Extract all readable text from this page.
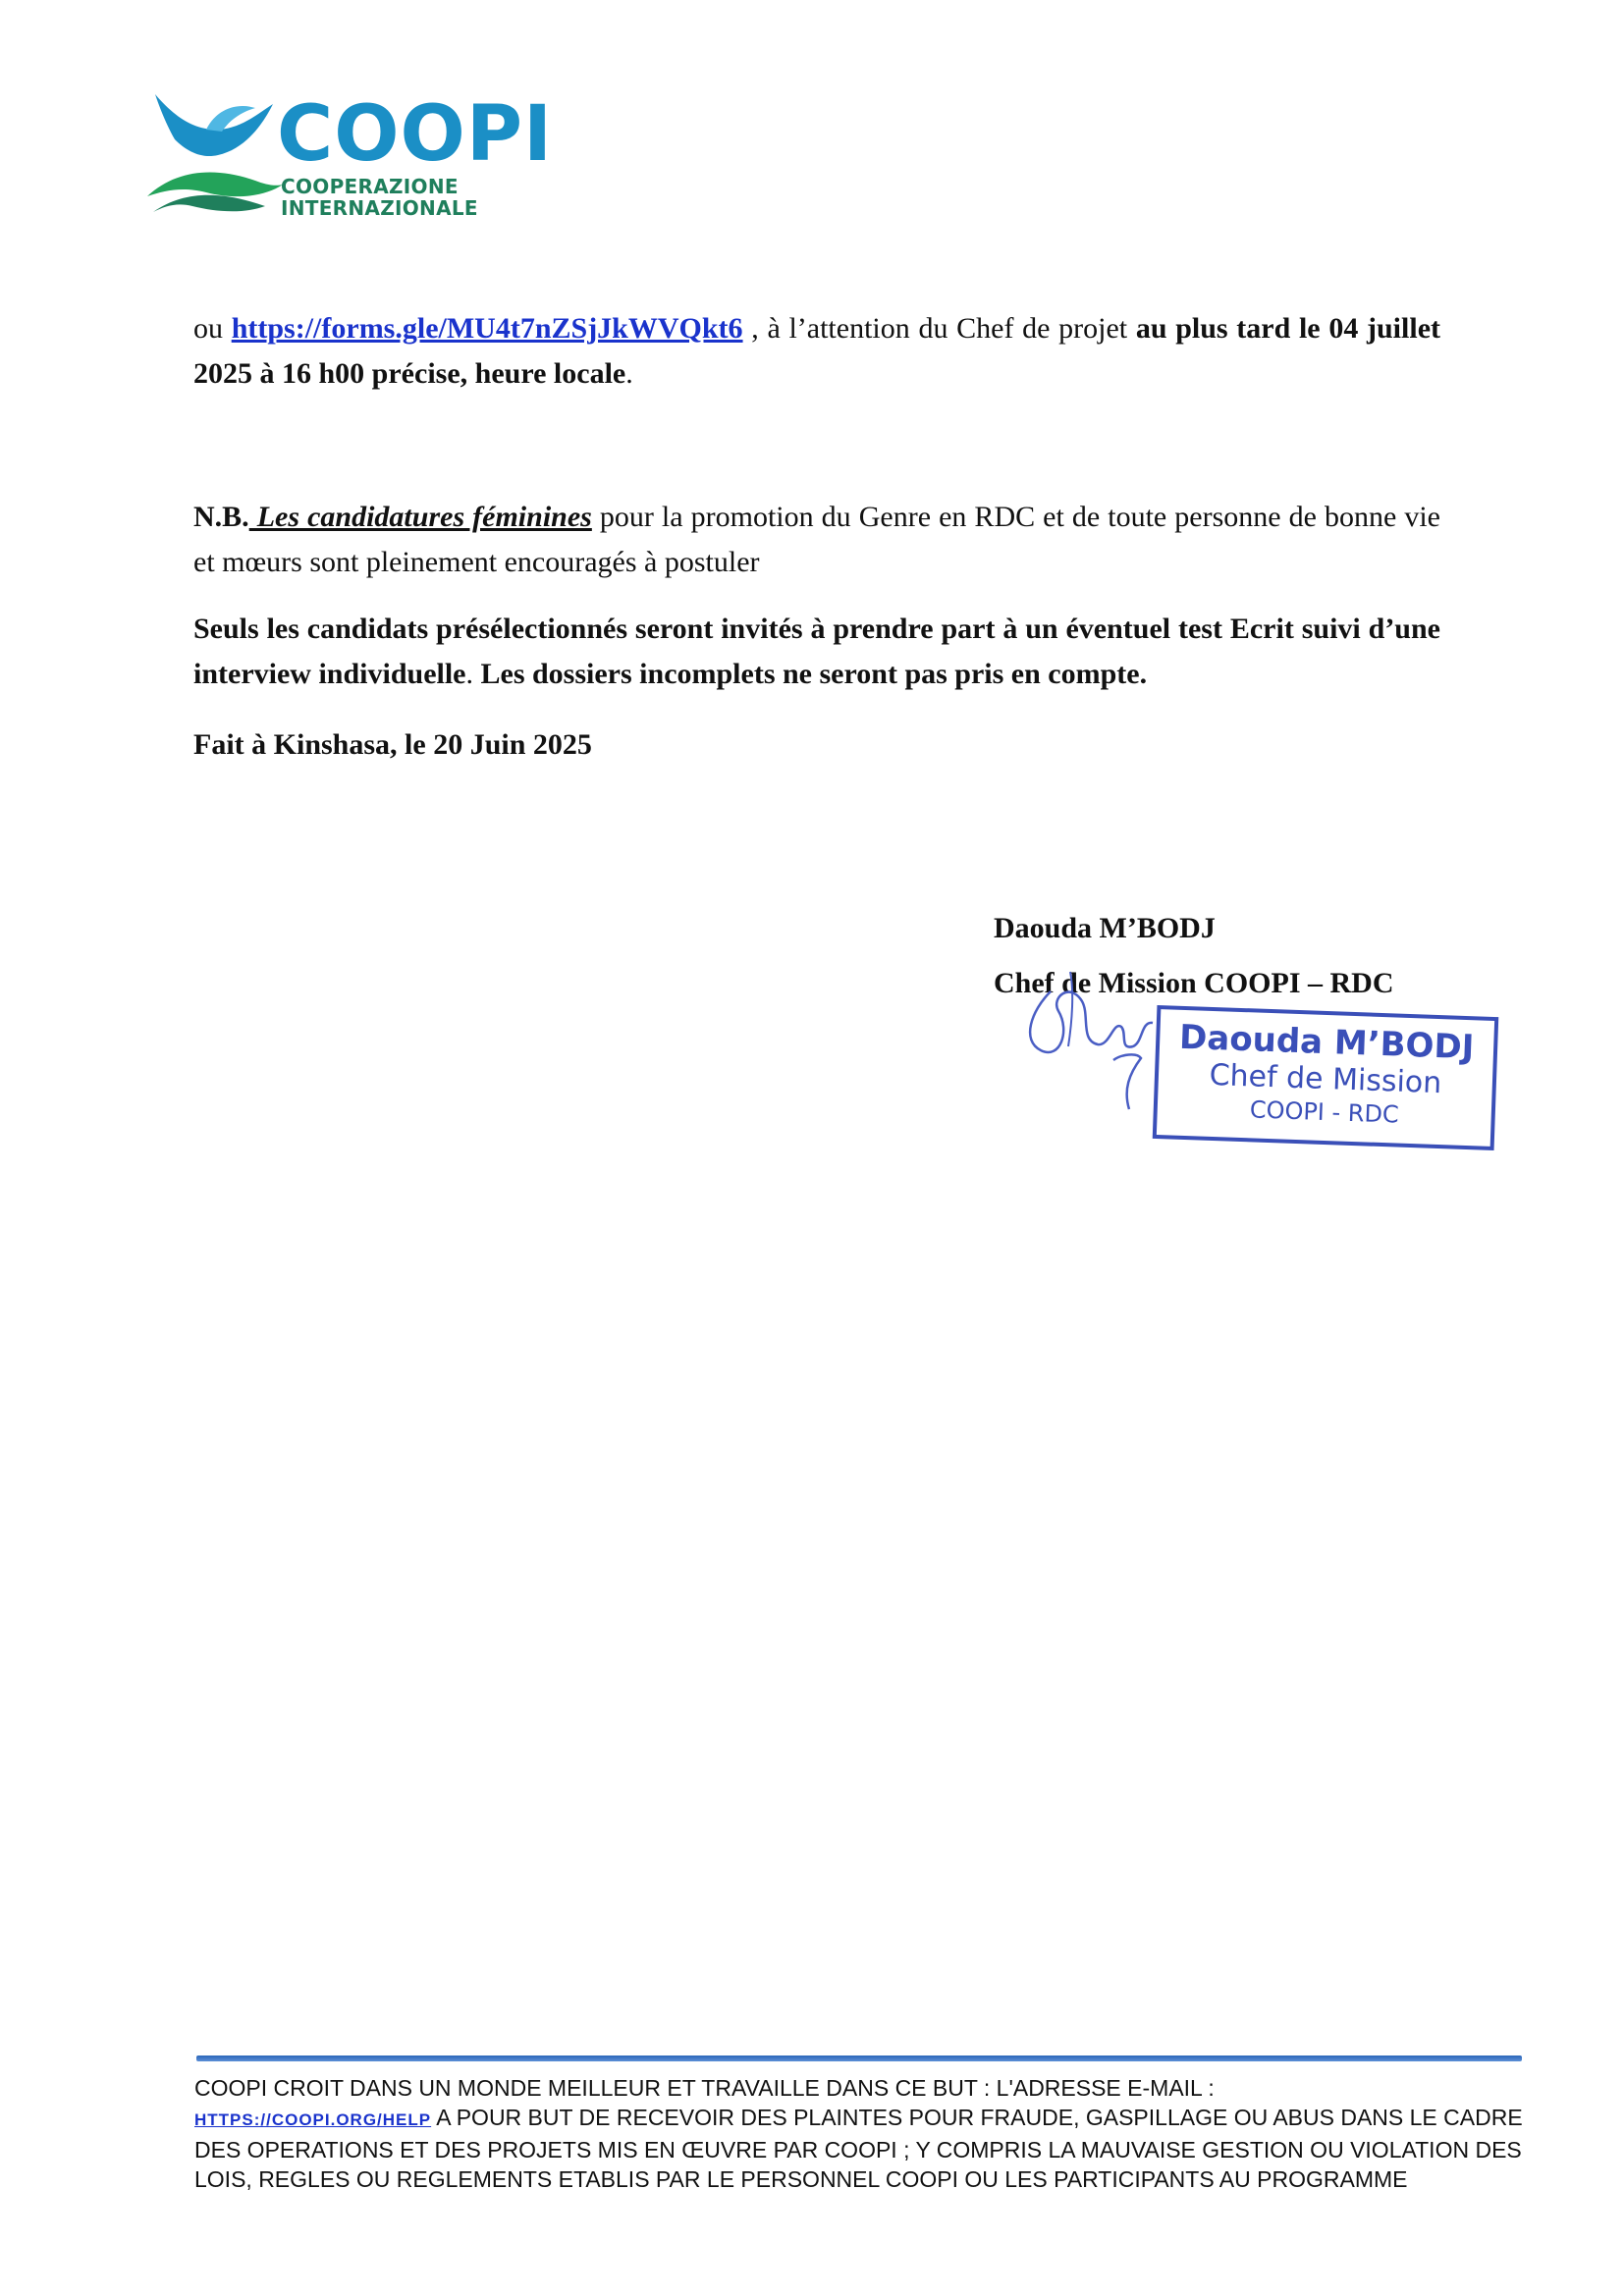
COOPI
COOPERAZIONE
INTERNAZIONALE
ou https://forms.gle/MU4t7nZSjJkWVQkt6 , à l’attention du Chef de projet au plus tard le 04 juillet 2025 à 16 h00 précise, heure locale.
N.B. Les candidatures féminines pour la promotion du Genre en RDC et de toute personne de bonne vie et mœurs sont pleinement encouragés à postuler
Seuls les candidats présélectionnés seront invités à prendre part à un éventuel test Ecrit suivi d’une interview individuelle. Les dossiers incomplets ne seront pas pris en compte.
Fait à Kinshasa, le 20 Juin 2025
Daouda M’BODJ
Chef de Mission COOPI – RDC
Daouda M’BODJ
Chef de Mission
COOPI - RDC
COOPI CROIT DANS UN MONDE MEILLEUR ET TRAVAILLE DANS CE BUT : L'ADRESSE E-MAIL :
HTTPS://COOPI.ORG/HELP A POUR BUT DE RECEVOIR DES PLAINTES POUR FRAUDE, GASPILLAGE OU ABUS DANS LE CADRE DES OPERATIONS ET DES PROJETS MIS EN ŒUVRE PAR COOPI ; Y COMPRIS LA MAUVAISE GESTION OU VIOLATION DES LOIS, REGLES OU REGLEMENTS ETABLIS PAR LE PERSONNEL COOPI OU LES PARTICIPANTS AU PROGRAMME
